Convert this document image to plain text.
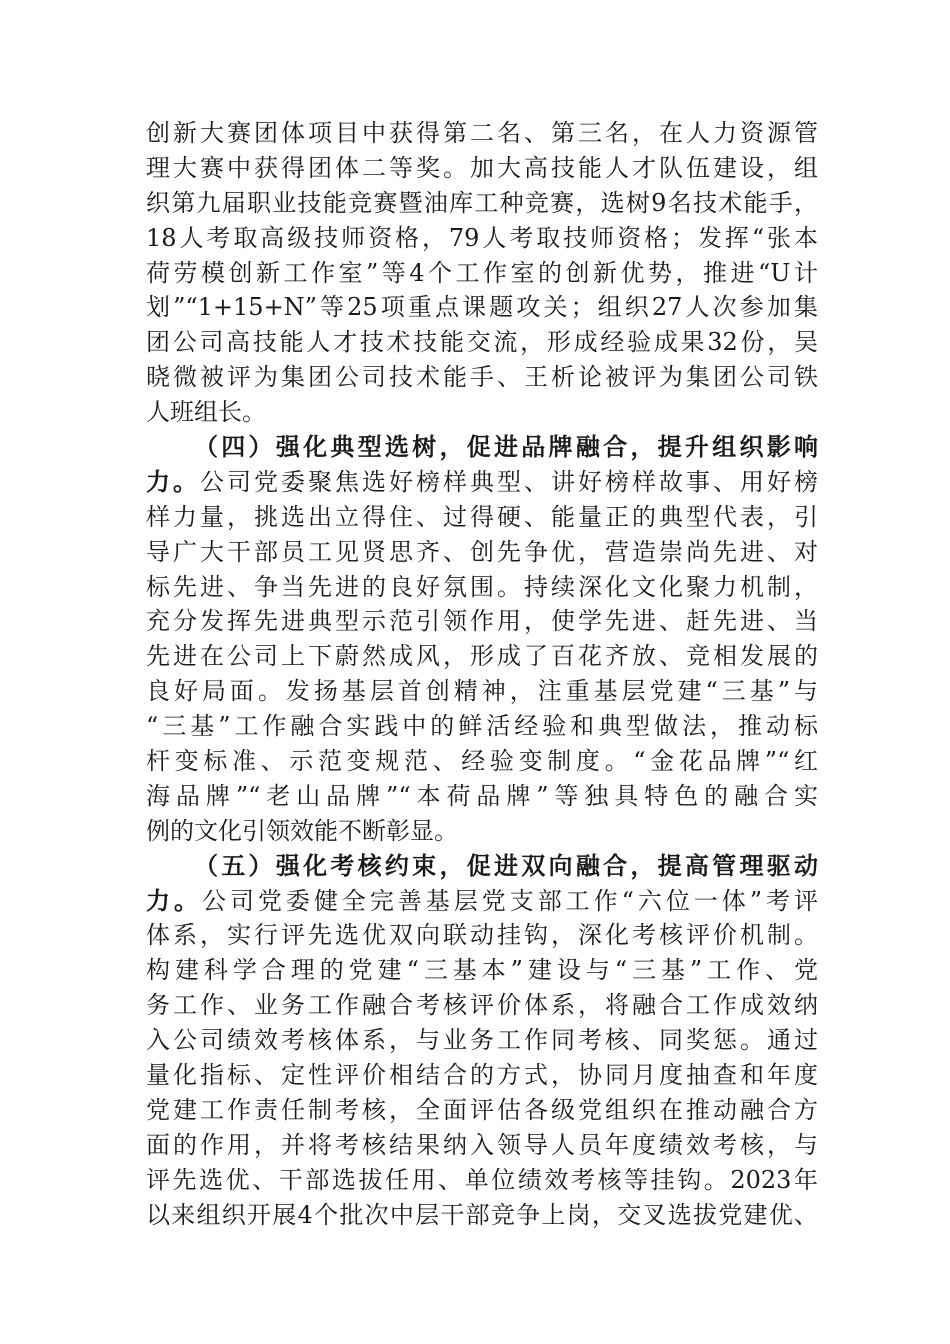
创新大赛团体项目中获得第二名、第三名，在人力资源管
理大赛中获得团体二等奖。加大高技能人才队伍建设，组
织第九届职业技能竞赛暨油库工种竞赛，选树9名技术能手，
18人考取高级技师资格，79人考取技师资格；发挥“张本
荷劳模创新工作室”等4个工作室的创新优势，推进“U计
划”“1+15+N”等25项重点课题攻关；组织27人次参加集
团公司高技能人才技术技能交流，形成经验成果32份，吴
晓微被评为集团公司技术能手、王析论被评为集团公司铁
人班组长。
（四）强化典型选树，促进品牌融合，提升组织影响
力。公司党委聚焦选好榜样典型、讲好榜样故事、用好榜
样力量，挑选出立得住、过得硬、能量正的典型代表，引
导广大干部员工见贤思齐、创先争优，营造崇尚先进、对
标先进、争当先进的良好氛围。持续深化文化聚力机制，
充分发挥先进典型示范引领作用，使学先进、赶先进、当
先进在公司上下蔚然成风，形成了百花齐放、竞相发展的
良好局面。发扬基层首创精神，注重基层党建“三基”与
“三基”工作融合实践中的鲜活经验和典型做法，推动标
杆变标准、示范变规范、经验变制度。“金花品牌”“红
海品牌”“老山品牌”“本荷品牌”等独具特色的融合实
例的文化引领效能不断彰显。
（五）强化考核约束，促进双向融合，提高管理驱动
力。公司党委健全完善基层党支部工作“六位一体”考评
体系，实行评先选优双向联动挂钩，深化考核评价机制。
构建科学合理的党建“三基本”建设与“三基”工作、党
务工作、业务工作融合考核评价体系，将融合工作成效纳
入公司绩效考核体系，与业务工作同考核、同奖惩。通过
量化指标、定性评价相结合的方式，协同月度抽查和年度
党建工作责任制考核，全面评估各级党组织在推动融合方
面的作用，并将考核结果纳入领导人员年度绩效考核，与
评先选优、干部选拔任用、单位绩效考核等挂钩。2023年
以来组织开展4个批次中层干部竞争上岗，交叉选拔党建优、
